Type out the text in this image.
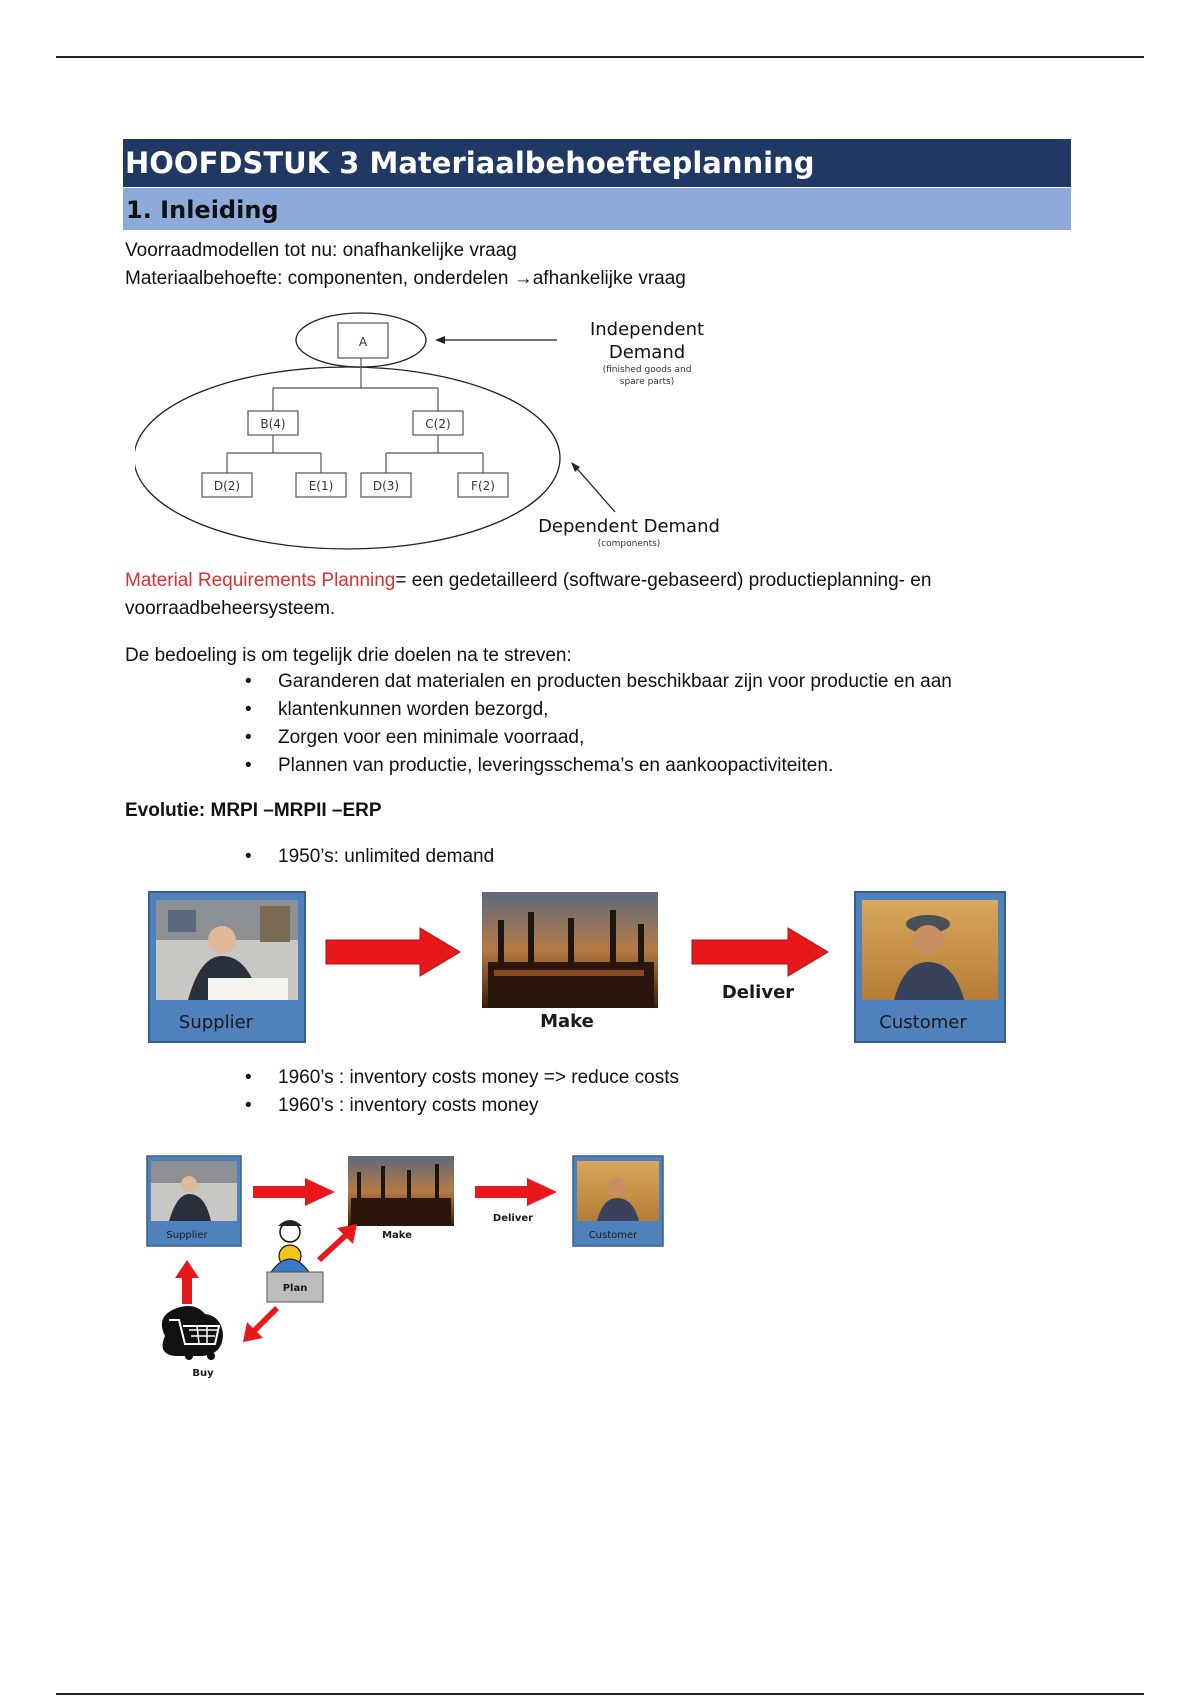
HOOFDSTUK 3 Materiaalbehoefteplanning
1. Inleiding
Voorraadmodellen tot nu: onafhankelijke vraag
Materiaalbehoefte: componenten, onderdelen →afhankelijke vraag
A
B(4)	C(2)
D(2)	E(1)	D(3)	F(2)
Independent
Demand
(finished goods and
spare parts)
Dependent Demand
(components)
Material Requirements Planning= een gedetailleerd (software-gebaseerd) productieplanning- en
voorraadbeheersysteem.
De bedoeling is om tegelijk drie doelen na te streven:
• Garanderen dat materialen en producten beschikbaar zijn voor productie en aan
• klantenkunnen worden bezorgd,
• Zorgen voor een minimale voorraad,
• Plannen van productie, leveringsschema’s en aankoopactiviteiten.
Evolutie: MRPI –MRPII –ERP
• 1950’s: unlimited demand
Supplier	Make
Deliver
Customer
• 1960’s : inventory costs money => reduce costs
• 1960’s : inventory costs money
Supplier	Make
Deliver
Customer
Plan
Buy
